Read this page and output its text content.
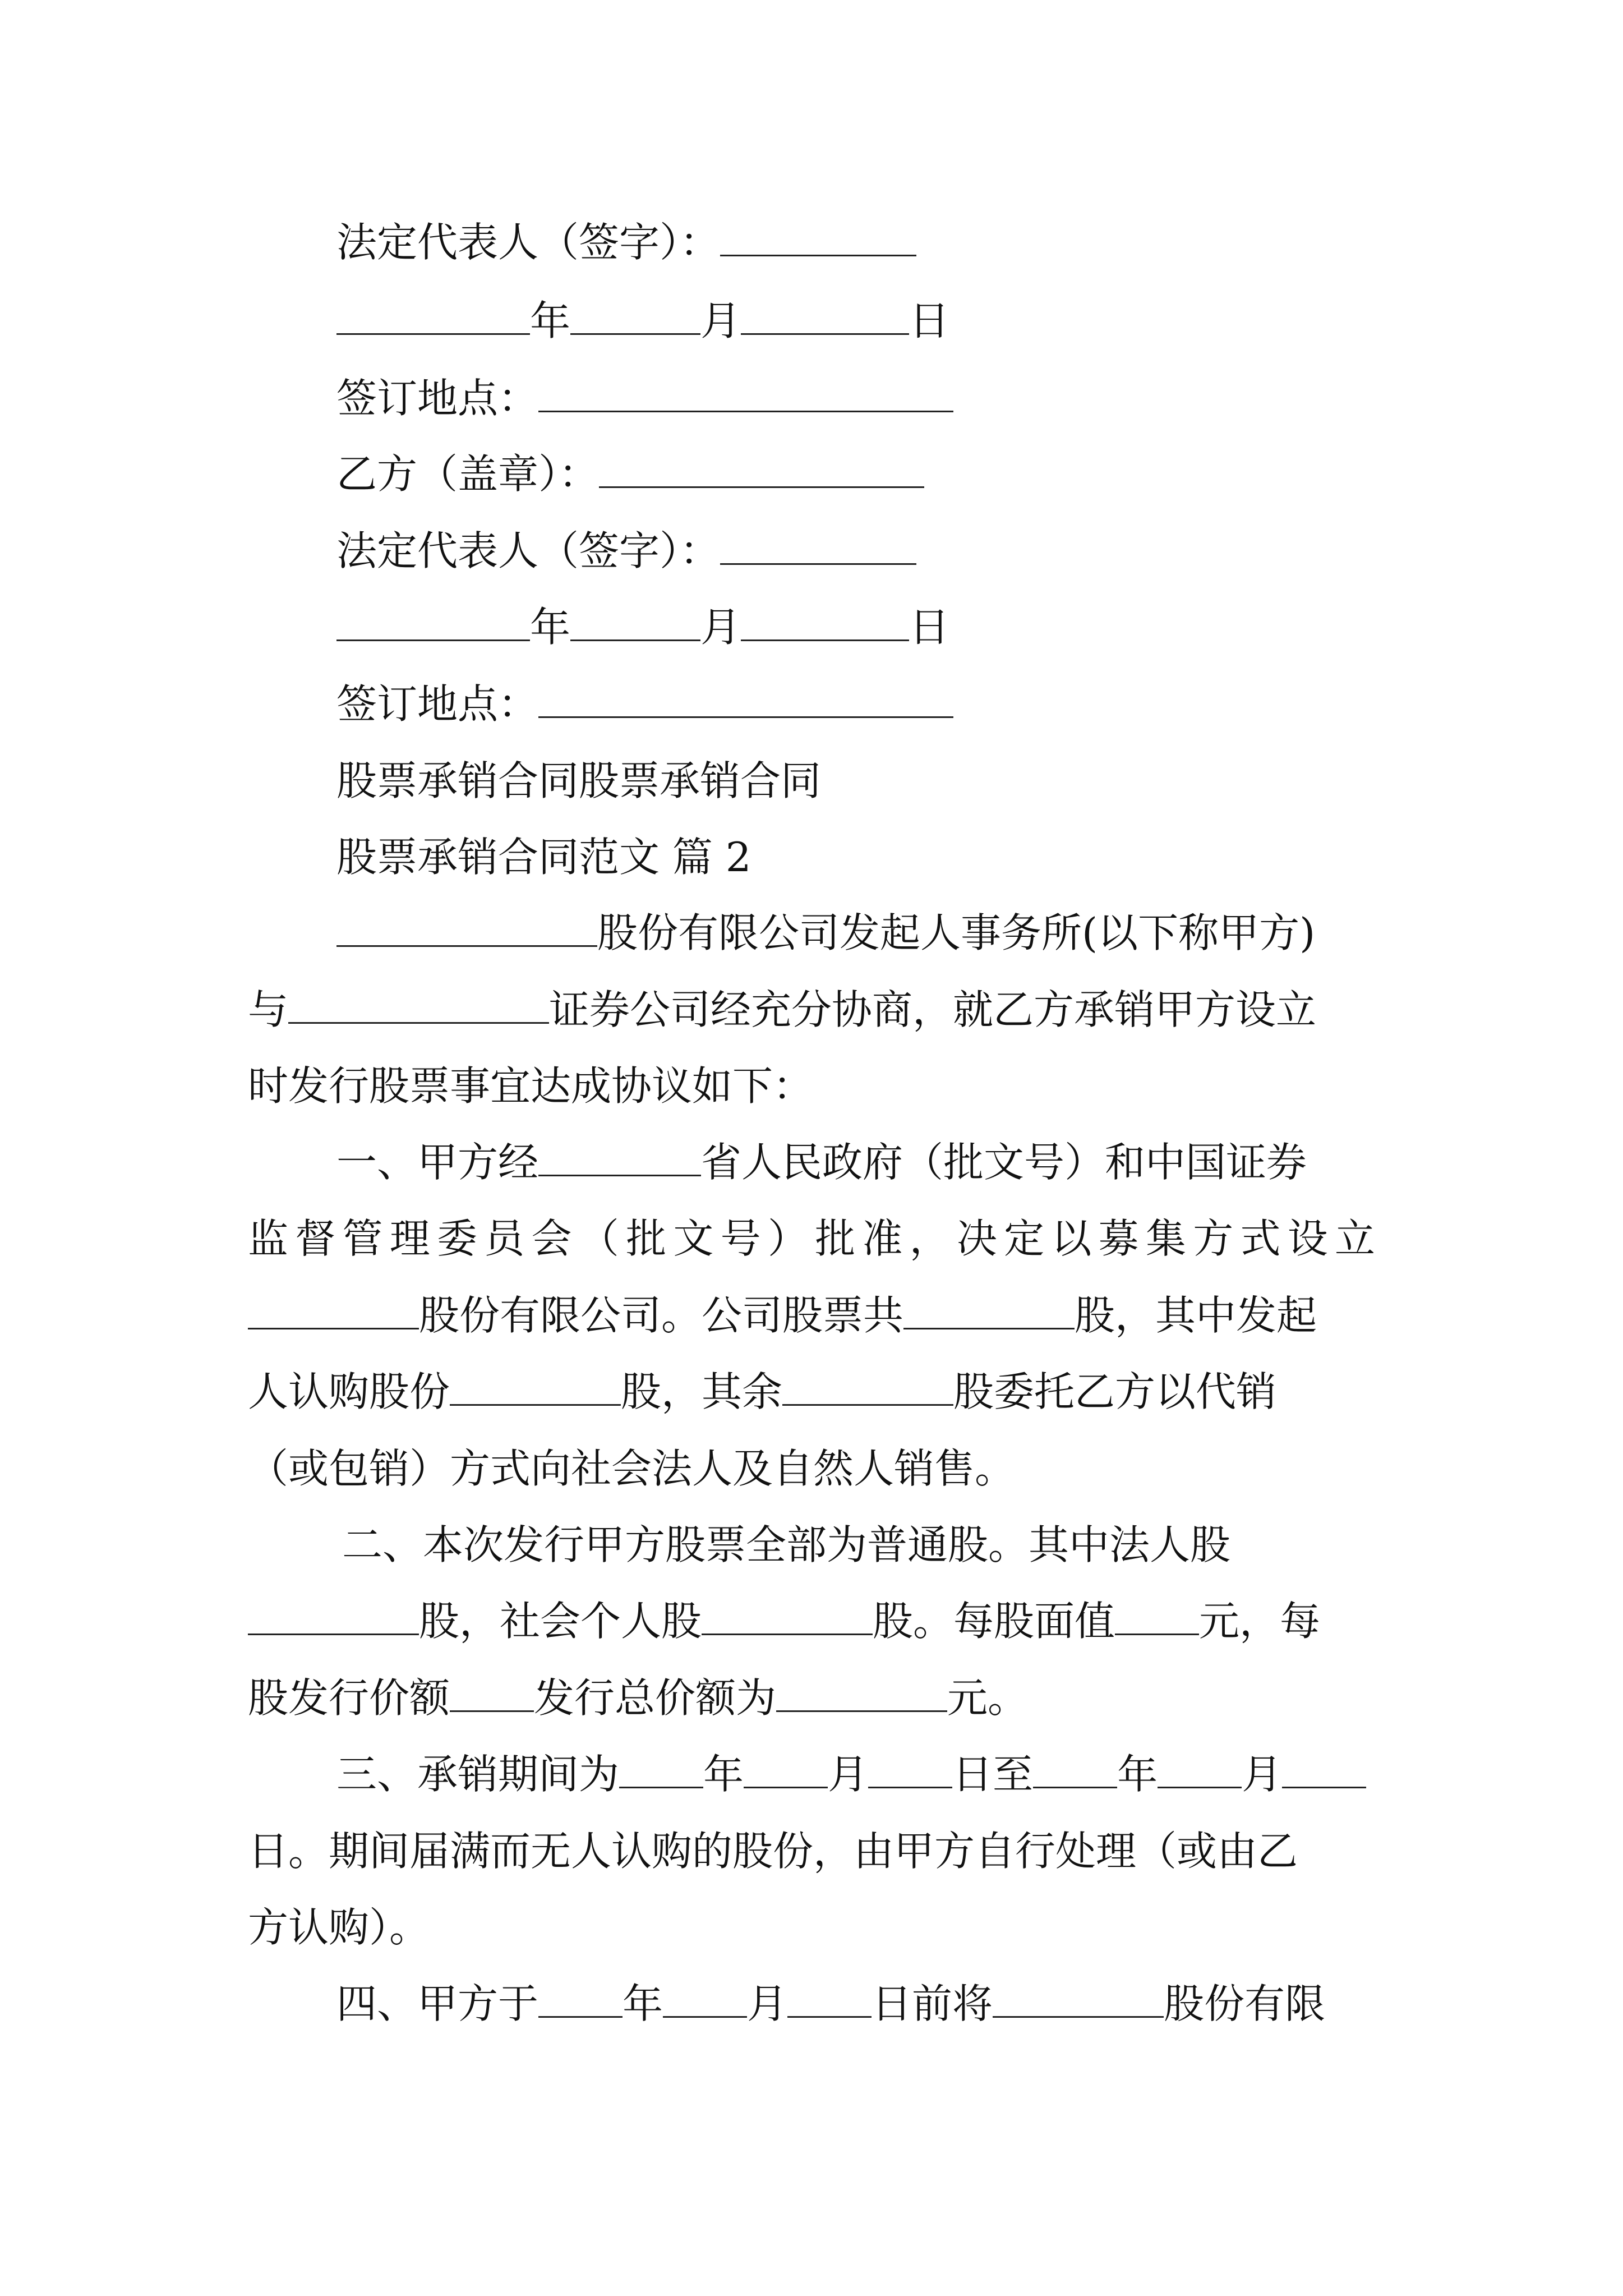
法定代表人（签字）：
年	月	日
签订地点：
乙方（盖章）：
法定代表人（签字）：
年	月	日
签订地点：
股票承销合同股票承销合同
股票承销合同范文 篇 2
股份有限公司发起人事务所(以下称甲方)
与	证券公司经充分协商，就乙方承销甲方设立
时发行股票事宜达成协议如下：
一、甲方经	省人民政府（批文号）和中国证券
监督管理委员会（批文号）批准，决定以募集方式设立
股份有限公司。公司股票共	股，其中发起
人认购股份	股，其余	股委托乙方以代销
（或包销）方式向社会法人及自然人销售。
二、本次发行甲方股票全部为普通股。其中法人股
股，社会个人股	股。每股面值 元，每
股发行价额 发行总价额为	元。
三、承销期间为 年 月 日至 年 月
日。期间届满而无人认购的股份，由甲方自行处理（或由乙
方认购）。
四、甲方于 年 月 日前将	股份有限
